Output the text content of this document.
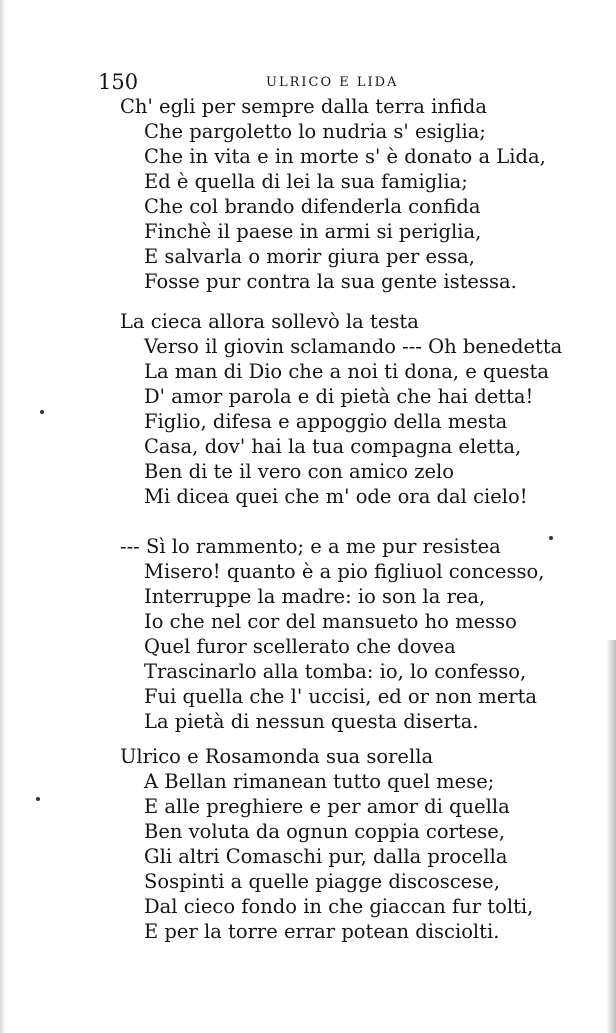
150	ULRICO E LIDA
Ch' egli per sempre dalla terra infida
Che pargoletto lo nudria s' esiglia;
Che in vita e in morte s' è donato a Lida,
Ed è quella di lei la sua famiglia;
Che col brando difenderla confida
Finchè il paese in armi si periglia,
E salvarla o morir giura per essa,
Fosse pur contra la sua gente istessa.
La cieca allora sollevò la testa
Verso il giovin sclamando --- Oh benedetta
La man di Dio che a noi ti dona, e questa
D' amor parola e di pietà che hai detta!
Figlio, difesa e appoggio della mesta
Casa, dov' hai la tua compagna eletta,
Ben di te il vero con amico zelo
Mi dicea quei che m' ode ora dal cielo!
--- Sì lo rammento; e a me pur resistea
Misero! quanto è a pio figliuol concesso,
Interruppe la madre: io son la rea,
Io che nel cor del mansueto ho messo
Quel furor scellerato che dovea
Trascinarlo alla tomba: io, lo confesso,
Fui quella che l' uccisi, ed or non merta
La pietà di nessun questa diserta.
Ulrico e Rosamonda sua sorella
A Bellan rimanean tutto quel mese;
E alle preghiere e per amor di quella
Ben voluta da ognun coppia cortese,
Gli altri Comaschi pur, dalla procella
Sospinti a quelle piagge discoscese,
Dal cieco fondo in che giaccan fur tolti,
E per la torre errar potean disciolti.
